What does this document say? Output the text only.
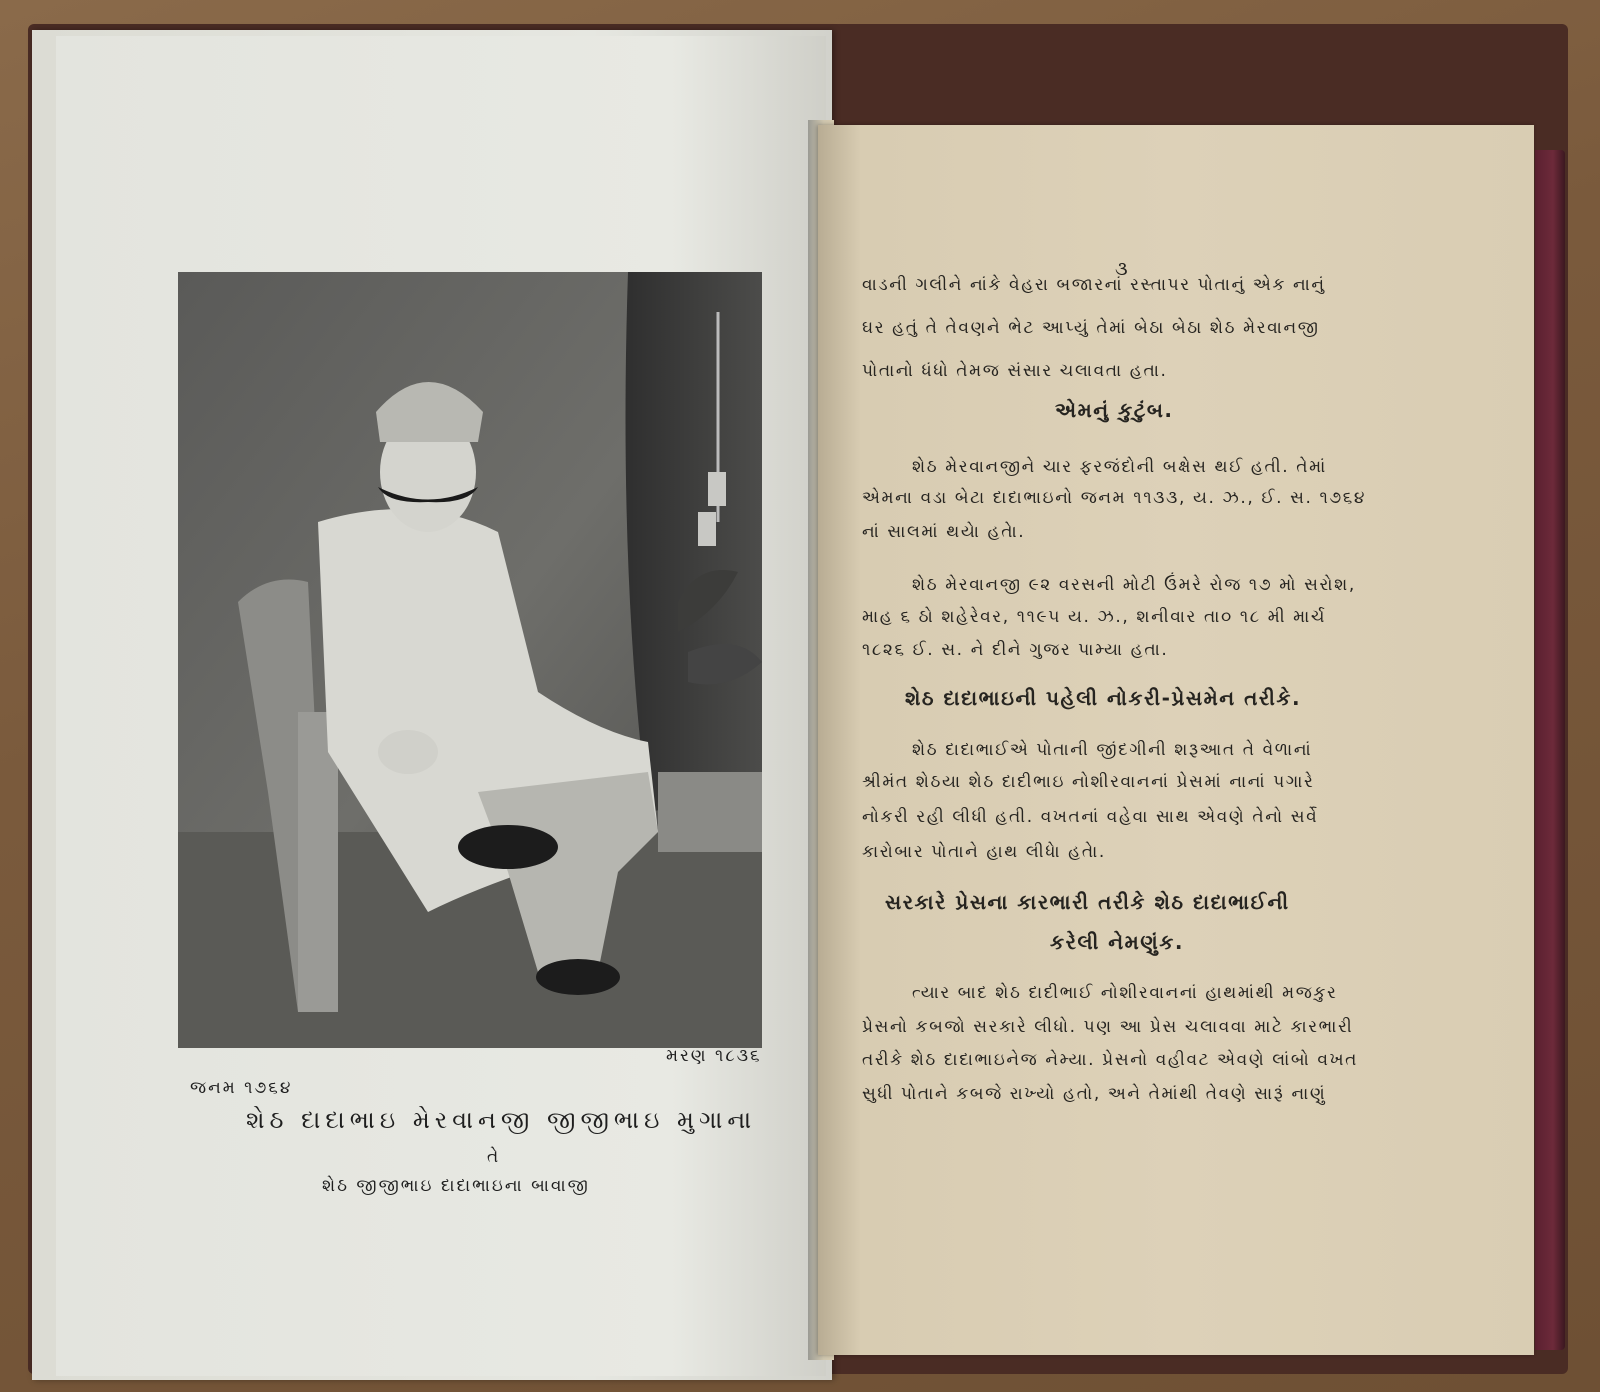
મરણ ૧૮૩૬
જનમ ૧૭૬૪
શેઠ દાદાભાઇ મેરવાનજી જીજીભાઇ મુગાના
તે
શેઠ જીજીભાઇ દાદાભાઇના બાવાજી
૩
વાડની ગલીને નાંકે વેહરા બજારનાં રસ્તાપર પોતાનું એક નાનું
ઘર હતું તે તેવણને ભેટ આપ્યું તેમાં બેઠા બેઠા શેઠ મેરવાનજી
પોતાનો ધંધો તેમજ સંસાર ચલાવતા હતા.
એમનું કુટુંબ.
શેઠ મેરવાનજીને ચાર ફરજંદોની બક્ષેસ થઈ હતી. તેમાં
એમના વડા બેટા દાદાભાઇનો જનમ ૧૧૩૩, ય. ઝ., ઈ. સ. ૧૭૬૪
નાં સાલમાં થયેા હતેા.
શેઠ મેરવાનજી ૯૨ વરસની મોટી ઉંમરે રોજ ૧૭ મો સરોશ,
માહ ૬ ઠો શહેરેવર, ૧૧૯૫ ય. ઝ., શનીવાર તા૦ ૧૮ મી માર્ચ
૧૮૨૬ ઈ. સ. ને દીને ગુજર પામ્યા હતા.
શેઠ દાદાભાઇની પહેલી નોકરી-પ્રેસમેન તરીકે.
શેઠ દાદાભાઈએ પોતાની જીંદગીની શરૂઆત તે વેળાનાં
શ્રીમંત શેઠયા શેઠ દાદીભાઇ નોશીરવાનનાં પ્રેસમાં નાનાં પગારે
નોકરી રહી લીધી હતી. વખતનાં વહેવા સાથ એવણે તેનો સર્વે
કારોબાર પોતાને હાથ લીધેા હતેા.
સરકારે પ્રેસના કારભારી તરીકે શેઠ દાદાભાઈની
કરેલી નેમણુંક.
ત્યાર બાદ શેઠ દાદીભાઈ નોશીરવાનનાં હાથમાંથી મજકુર
પ્રેસનો કબજો સરકારે લીધો. પણ આ પ્રેસ ચલાવવા માટે કારભારી
તરીકે શેઠ દાદાભાઇનેજ નેમ્યા. પ્રેસનો વહીવટ એવણે લાંબો વખત
સુધી પોતાને કબજે રાખ્યો હતો, અને તેમાંથી તેવણે સારૂં નાણું
